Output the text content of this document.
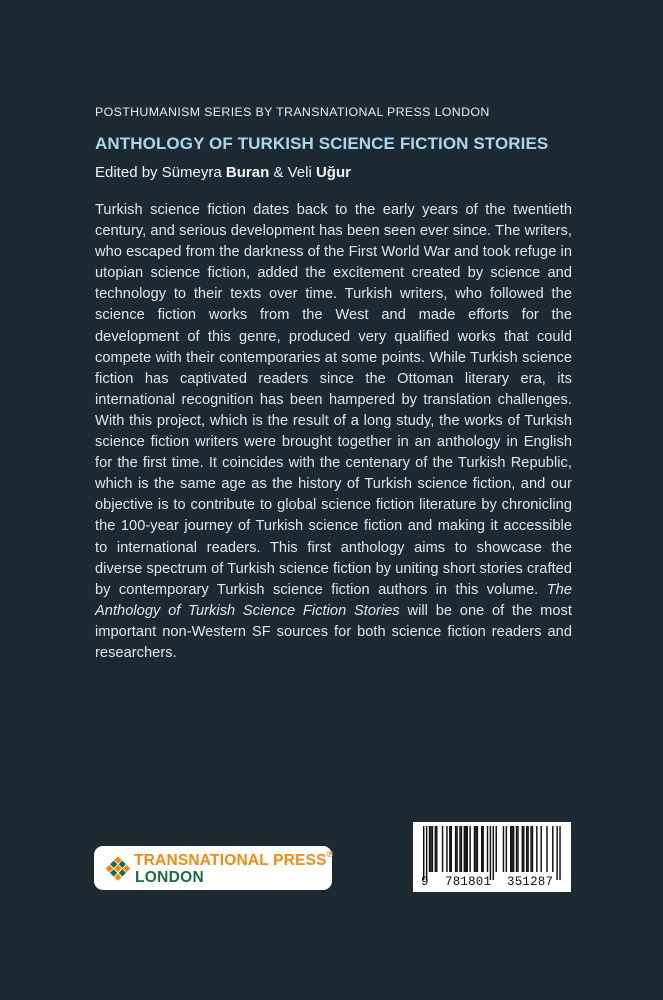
POSTHUMANISM SERIES BY TRANSNATIONAL PRESS LONDON
ANTHOLOGY OF TURKISH SCIENCE FICTION STORIES
Edited by Sümeyra Buran & Veli Uğur
Turkish science fiction dates back to the early years of the twentieth century, and serious development has been seen ever since. The writers, who escaped from the darkness of the First World War and took refuge in utopian science fiction, added the excitement created by science and technology to their texts over time. Turkish writers, who followed the science fiction works from the West and made efforts for the development of this genre, produced very qualified works that could compete with their contemporaries at some points. While Turkish science fiction has captivated readers since the Ottoman literary era, its international recognition has been hampered by translation challenges. With this project, which is the result of a long study, the works of Turkish science fiction writers were brought together in an anthology in English for the first time. It coincides with the centenary of the Turkish Republic, which is the same age as the history of Turkish science fiction, and our objective is to contribute to global science fiction literature by chronicling the 100-year journey of Turkish science fiction and making it accessible to international readers. This first anthology aims to showcase the diverse spectrum of Turkish science fiction by uniting short stories crafted by contemporary Turkish science fiction authors in this volume. The Anthology of Turkish Science Fiction Stories will be one of the most important non-Western SF sources for both science fiction readers and researchers.
TRANSNATIONAL PRESS®
LONDON	9 781801 351287
